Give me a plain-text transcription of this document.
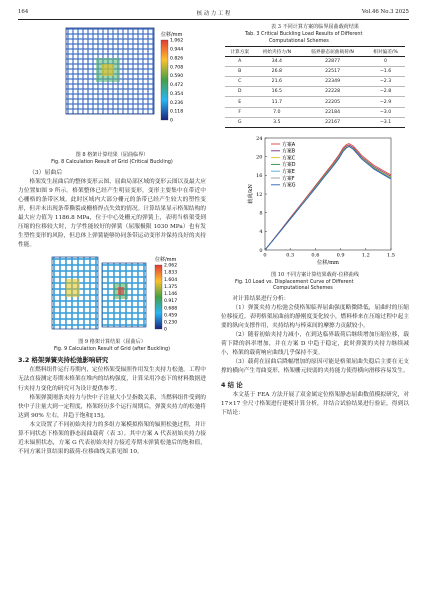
164	核 动 力 工 程	Vol.46 No.3 2025
位移/mm
1.062
0.944
0.826
0.708
0.590
0.472
0.354
0.236
0.118
0
图 8 格架计算结果（屈曲临界）
Fig. 8 Calculation Result of Grid (Critical Buckling)
（3）屈曲后

格架发生屈曲后的整体变形云图、屈曲局部区域的变形云图以及最大应力位置如图 9 所示。格架整体已经产生明显变形，变形主要集中在带近中心栅格的条带区域。此时区域内大部分栅元的条带已经产生较大的塑性变形，但并未出现条带撕裂或栅格焊点失效的情况。计算结果显示格架结构的最大应力值为 1186.8 MPa，位于中心处栅元的弹簧上，表明当格架受到压缩的位移较大时，力学性能较好的弹簧（屈服极限 1030 MPa）也有发生塑性变形的风险，但总体上弹簧能够协同条带运动变形并保持良好的夹持性能。

位移/mm
2.062
1.833
1.604
1.375
1.146
0.917
0.688
0.459
0.230
0
图 9 格架计算结果（屈曲后）
Fig. 9 Calculation Result of Grid (after Buckling)
3.2 格架弹簧夹持松弛影响研究

在燃料组件运行寿期内，定位格架受辐照作用发生夹持力松弛。工程中无法直接测定寿期末格架在堆内的结构强度，计算采用冷态下的材料数据进行夹持力变化的研究可为设计提供参考。

格架弹簧刚条夹持力与快中子注量大小呈指数关系，当燃料组件受到的快中子注量大到一定程度，格架经历多个运行周期后，弹簧夹持力的松弛将达到 90% 左右，并趋于饱和[15]。

本文设置了不同初始夹持力的多组方案模拟格架的辐照松弛过程，并计算不同状态下格架的静态屈曲载荷（表 3）。其中方案 A 代表初始夹持力接近未辐照状态，方案 G 代表初始夹持力接近寿期末弹簧松弛后的饱和值，不同方案计算结果的载荷-位移曲线关系见图 10。

表 3 不同计算方案的临界屈曲载荷结果
Tab. 3 Critical Buckling Load Results of Different
Computational Schemes
计算方案	初始夹持力/N	临界静态屈曲载荷/N	相对偏差/%
A	34.4	22877	0
B	26.8	22517	−1.6
C	21.6	22349	−2.3
D	16.5	22228	−2.8
E	11.7	22205	−2.9
F	7.0	22184	−3.0
G	3.5	22167	−3.1
0	0.3	0.6	0.9	1.2	1.5
0
4
8
12
16
20
24
位移/mm
载荷/kN
方案A
方案B
方案C
方案D
方案E
方案F
方案G
图 10 不同方案计算结果载荷-位移曲线
Fig. 10 Load vs. Displacement Curve of Different
Computational Schemes

对计算结果进行分析：

（1）弹簧夹持力松弛会使格架临界屈曲强度略微降低，屈曲时的压缩位移接近。表明格架屈曲前的静刚度变化较小，燃料棒来在压缩过程中起主要的纵向支撑作用，夹持结构与棒束间的摩擦力贡献较小。

（2）随着初始夹持力减小，在到达临界载荷后继续增加压缩位移，载荷下降的斜率增加，并在方案 D 中趋于稳定，此时弹簧的夹持力继续减小，格架的载荷响应曲线几乎保持不变。

（3）载荷在屈曲后降幅增加的原因可能是格架屈曲失稳后主要在无支撑的横向产生弯曲变形，格架栅元较弱的夹持能力使得横向滑移容易发生。

4 结 论

本文基于 FEA 方法开展了双金属定位格架静态屈曲数值模拟研究，对 17×17 全尺寸格架进行建模计算分析，并结合试验结果进行验证，得到以下结论：
